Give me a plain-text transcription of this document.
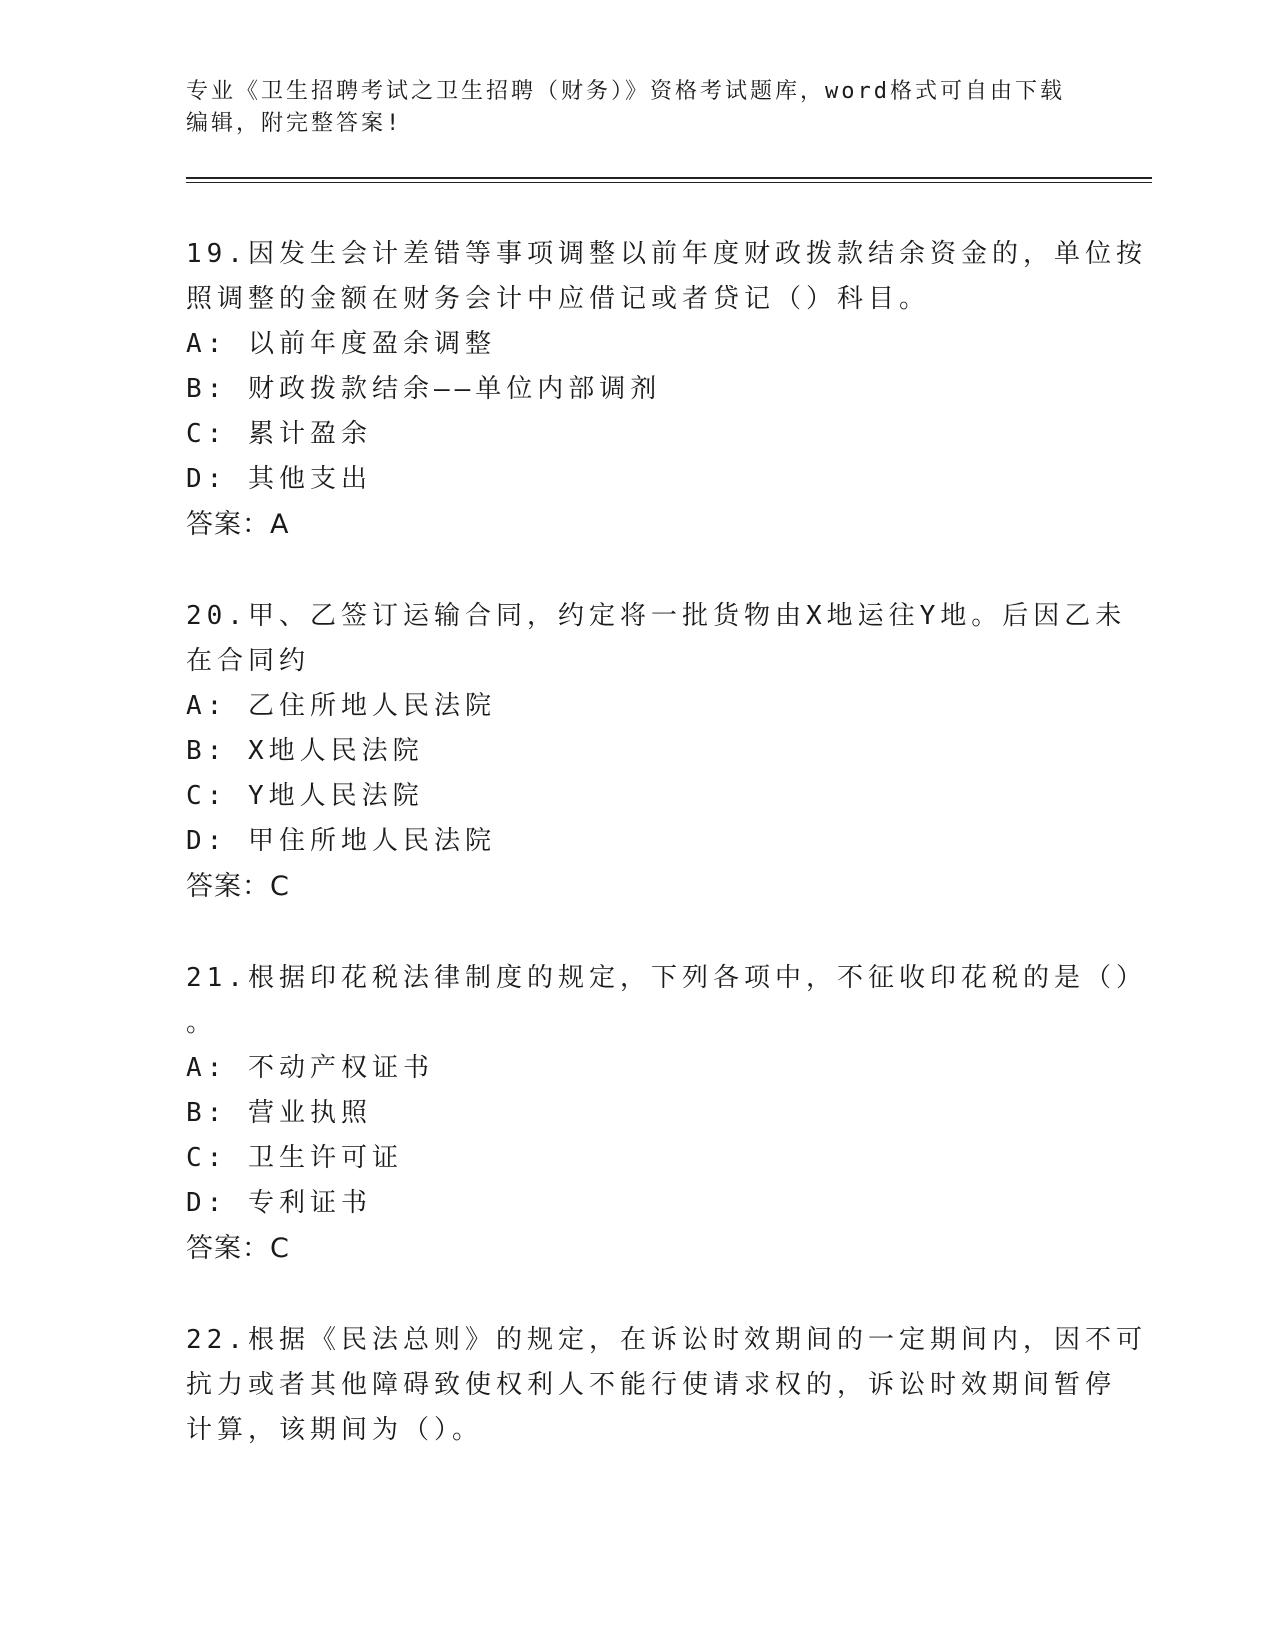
专业《卫生招聘考试之卫生招聘（财务）》资格考试题库，word格式可自由下载
编辑，附完整答案!
19.因发生会计差错等事项调整以前年度财政拨款结余资金的，单位按
照调整的金额在财务会计中应借记或者贷记（）科目。
A: 以前年度盈余调整
B: 财政拨款结余——单位内部调剂
C: 累计盈余
D: 其他支出
答案：A
20.甲、乙签订运输合同，约定将一批货物由X地运往Y地。后因乙未
在合同约
A: 乙住所地人民法院
B: X地人民法院
C: Y地人民法院
D: 甲住所地人民法院
答案：C
21.根据印花税法律制度的规定，下列各项中，不征收印花税的是（）
。
A: 不动产权证书
B: 营业执照
C: 卫生许可证
D: 专利证书
答案：C
22.根据《民法总则》的规定，在诉讼时效期间的一定期间内，因不可
抗力或者其他障碍致使权利人不能行使请求权的，诉讼时效期间暂停
计算，该期间为（）。
